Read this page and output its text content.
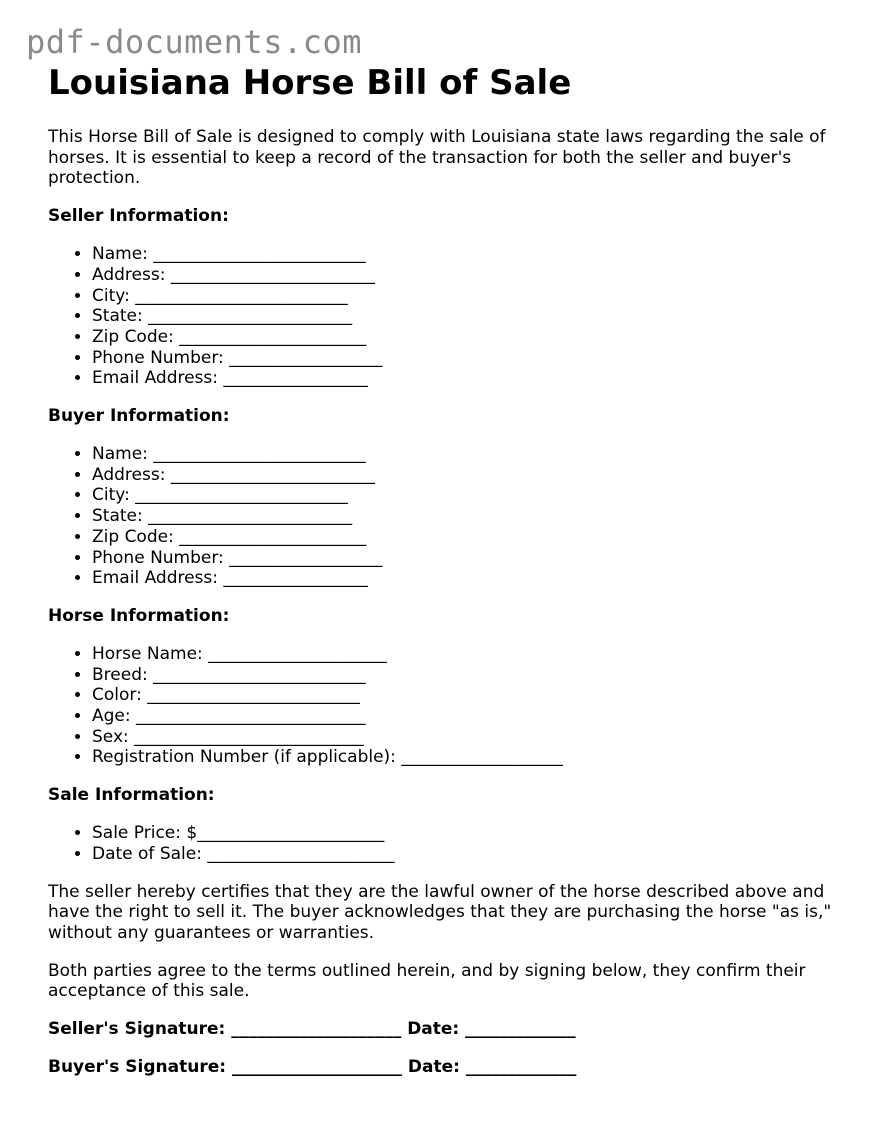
pdf-documents.com
Louisiana Horse Bill of Sale

This Horse Bill of Sale is designed to comply with Louisiana state laws regarding the sale of horses. It is essential to keep a record of the transaction for both the seller and buyer's protection.

Seller Information:
• Name: _________________________
• Address: ________________________
• City: _________________________
• State: ________________________
• Zip Code: ______________________
• Phone Number: __________________
• Email Address: _________________
Buyer Information:
• Name: _________________________
• Address: ________________________
• City: _________________________
• State: ________________________
• Zip Code: ______________________
• Phone Number: __________________
• Email Address: _________________
Horse Information:
• Horse Name: _____________________
• Breed: _________________________
• Color: _________________________
• Age: ___________________________
• Sex: ___________________________
• Registration Number (if applicable): ___________________
Sale Information:
• Sale Price: $______________________
• Date of Sale: ______________________

The seller hereby certifies that they are the lawful owner of the horse described above and have the right to sell it. The buyer acknowledges that they are purchasing the horse "as is," without any guarantees or warranties.

Both parties agree to the terms outlined herein, and by signing below, they confirm their acceptance of this sale.

Seller's Signature: ____________________ Date: _____________
Buyer's Signature: ____________________ Date: _____________
